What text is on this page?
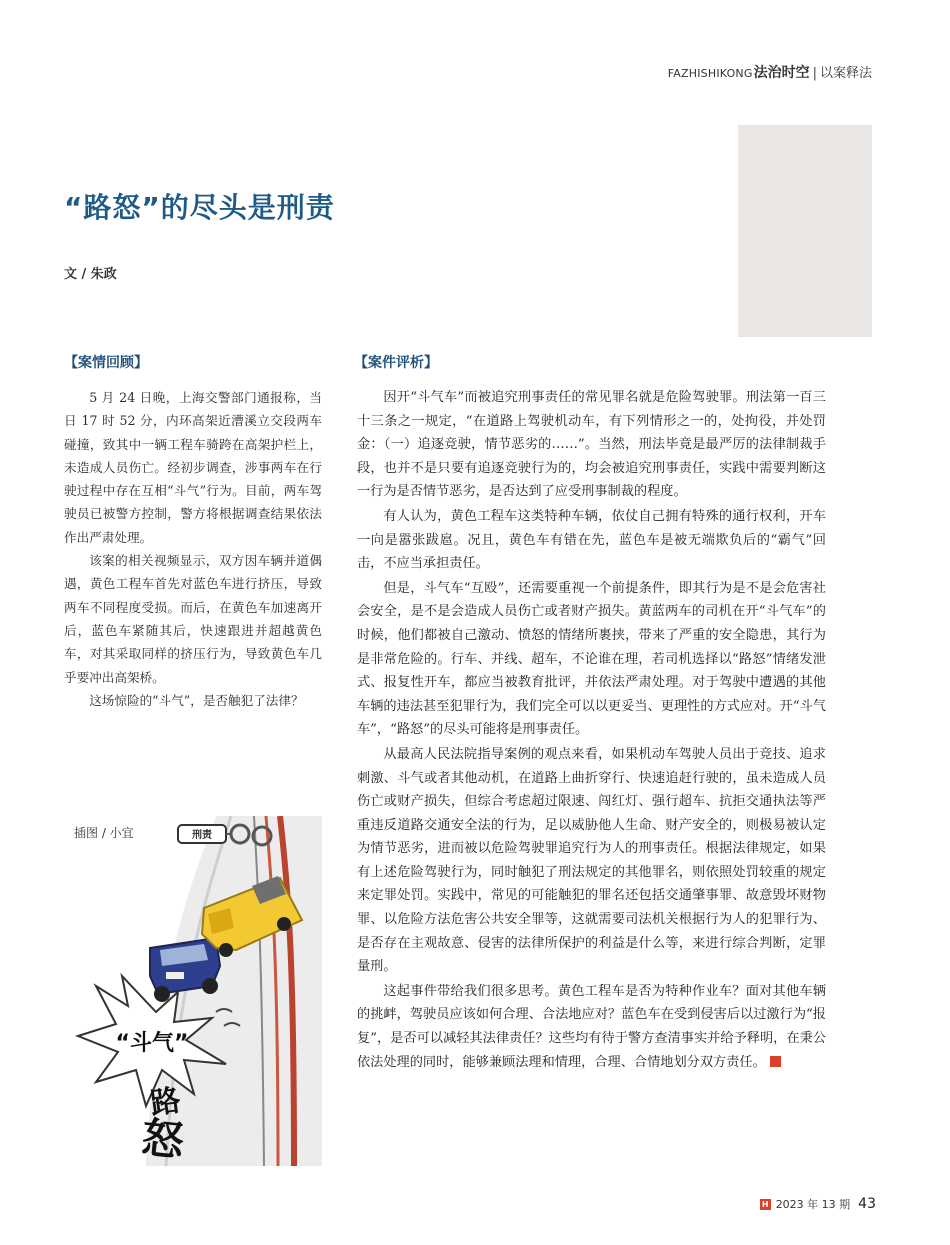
FAZHISHIKONG 法治时空 | 以案释法
“路怒”的尽头是刑责
文 / 朱政
【案情回顾】	【案件评析】

5 月 24 日晚，上海交警部门通报称，当日 17 时 52 分，内环高架近漕溪立交段两车碰撞，致其中一辆工程车骑跨在高架护栏上，未造成人员伤亡。经初步调查，涉事两车在行驶过程中存在互相“斗气”行为。目前，两车驾驶员已被警方控制，警方将根据调查结果依法作出严肃处理。

该案的相关视频显示，双方因车辆并道偶遇，黄色工程车首先对蓝色车进行挤压，导致两车不同程度受损。而后，在黄色车加速离开后，蓝色车紧随其后，快速跟进并超越黄色车，对其采取同样的挤压行为，导致黄色车几乎要冲出高架桥。

这场惊险的“斗气”，是否触犯了法律？

因开“斗气车”而被追究刑事责任的常见罪名就是危险驾驶罪。刑法第一百三十三条之一规定，“在道路上驾驶机动车，有下列情形之一的，处拘役，并处罚金：（一）追逐竞驶，情节恶劣的……”。当然，刑法毕竟是最严厉的法律制裁手段，也并不是只要有追逐竞驶行为的，均会被追究刑事责任，实践中需要判断这一行为是否情节恶劣，是否达到了应受刑事制裁的程度。

有人认为，黄色工程车这类特种车辆，依仗自己拥有特殊的通行权利，开车一向是嚣张跋扈。况且，黄色车有错在先，蓝色车是被无端欺负后的“霸气”回击，不应当承担责任。

但是，斗气车“互殴”，还需要重视一个前提条件，即其行为是不是会危害社会安全，是不是会造成人员伤亡或者财产损失。黄蓝两车的司机在开“斗气车”的时候，他们都被自己激动、愤怒的情绪所裹挟，带来了严重的安全隐患，其行为是非常危险的。行车、并线、超车，不论谁在理，若司机选择以“路怒”情绪发泄式、报复性开车，都应当被教育批评，并依法严肃处理。对于驾驶中遭遇的其他车辆的违法甚至犯罪行为，我们完全可以以更妥当、更理性的方式应对。开“斗气车”，“路怒”的尽头可能将是刑事责任。

从最高人民法院指导案例的观点来看，如果机动车驾驶人员出于竞技、追求刺激、斗气或者其他动机，在道路上曲折穿行、快速追赶行驶的，虽未造成人员伤亡或财产损失，但综合考虑超过限速、闯红灯、强行超车、抗拒交通执法等严重违反道路交通安全法的行为，足以威胁他人生命、财产安全的，则极易被认定为情节恶劣，进而被以危险驾驶罪追究行为人的刑事责任。根据法律规定，如果有上述危险驾驶行为，同时触犯了刑法规定的其他罪名，则依照处罚较重的规定来定罪处罚。实践中，常见的可能触犯的罪名还包括交通肇事罪、故意毁坏财物罪、以危险方法危害公共安全罪等，这就需要司法机关根据行为人的犯罪行为、是否存在主观故意、侵害的法律所保护的利益是什么等，来进行综合判断，定罪量刑。

这起事件带给我们很多思考。黄色工程车是否为特种作业车？面对其他车辆的挑衅，驾驶员应该如何合理、合法地应对？蓝色车在受到侵害后以过激行为“报复”，是否可以减轻其法律责任？这些均有待于警方查清事实并给予释明，在秉公依法处理的同时，能够兼顾法理和情理，合理、合情地划分双方责任。

刑责
“斗气”
路
怒
插图 / 小宜
H 2023 年 13 期 43
